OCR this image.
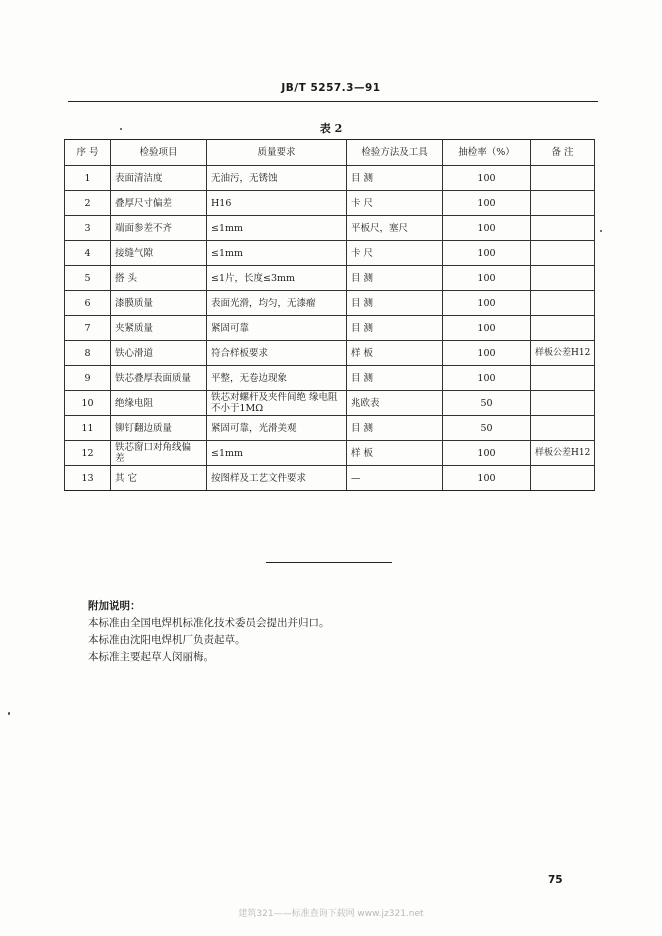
JB/T 5257.3—91
表 2
序 号	检验项目	质量要求	检验方法及工具	抽检率（%）	备 注
1	表面清洁度	无油污，无锈蚀	目 测	100	
2	叠厚尺寸偏差	H16	卡 尺	100	
3	端面参差不齐	≤1mm	平板尺，塞尺	100	
4	接缝气隙	≤1mm	卡 尺	100	
5	搭 头	≤1片，长度≤3mm	目 测	100	
6	漆膜质量	表面光滑，均匀，无漆瘤	目 测	100	
7	夹紧质量	紧固可靠	目 测	100	
8	铁心滑道	符合样板要求	样 板	100	样板公差H12
9	铁芯叠厚表面质量	平整，无卷边现象	目 测	100	
10	绝缘电阻	铁芯对螺杆及夹件间绝 缘电阻不小于1MΩ	兆欧表	50	
11	铆钉翻边质量	紧固可靠，光滑美观	目 测	50	
12	铁芯窗口对角线偏 差	≤1mm	样 板	100	样板公差H12
13	其 它	按图样及工艺文件要求	—	100	
附加说明：
本标准由全国电焊机标准化技术委员会提出并归口。
本标准由沈阳电焊机厂负责起草。
本标准主要起草人闵丽梅。
75
建筑321——标准查询下载网 www.jz321.net
